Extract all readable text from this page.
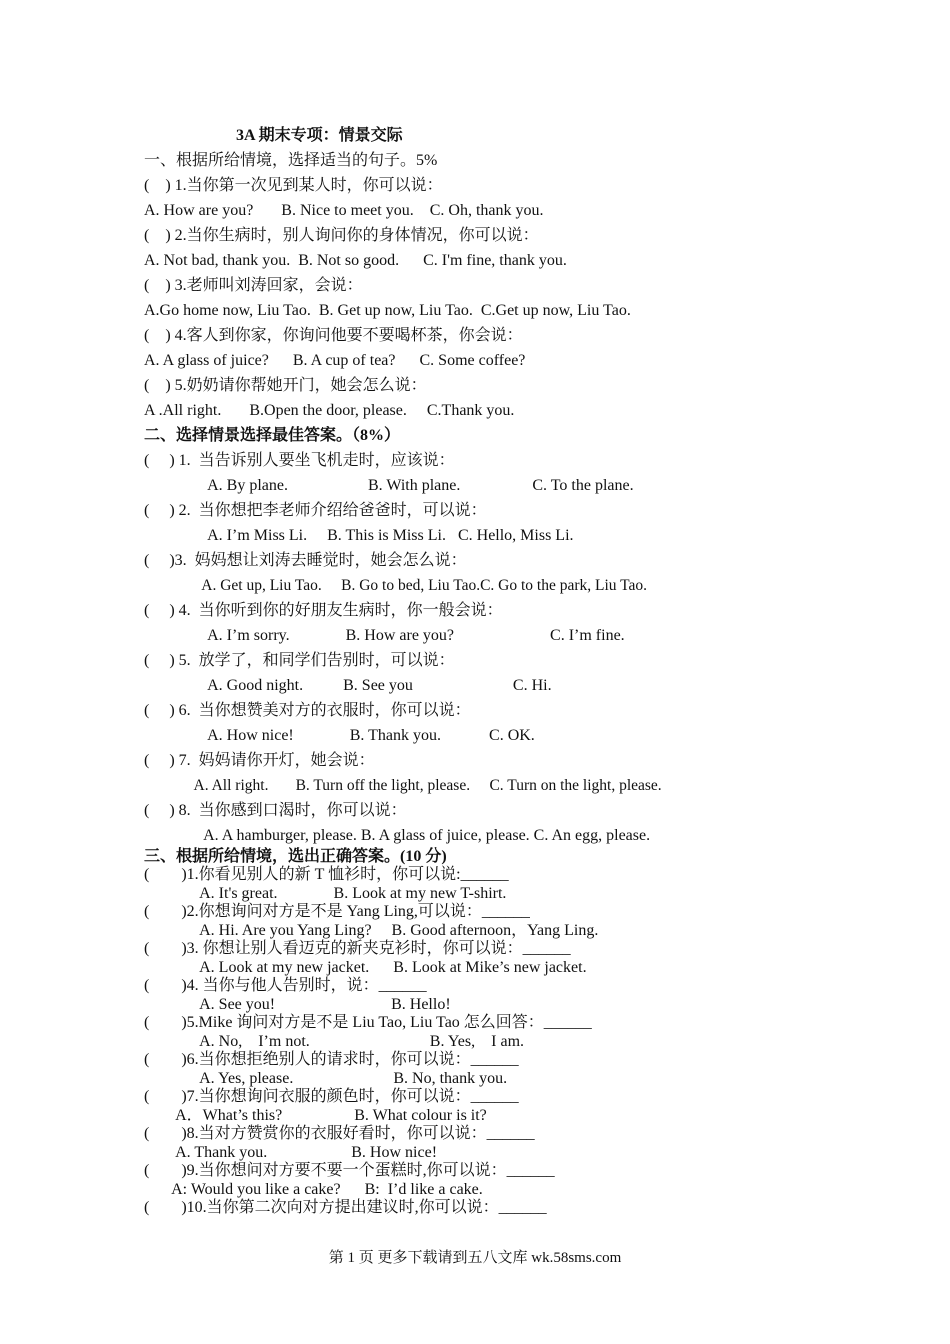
3A 期末专项：情景交际
一、根据所给情境，选择适当的句子。5%
(    ) 1.当你第一次见到某人时，你可以说：
A. How are you?       B. Nice to meet you.    C. Oh, thank you.
(    ) 2.当你生病时，别人询问你的身体情况，你可以说：
A. Not bad, thank you.  B. Not so good.      C. I'm fine, thank you.
(    ) 3.老师叫刘涛回家，会说：
A.Go home now, Liu Tao.  B. Get up now, Liu Tao.  C.Get up now, Liu Tao.
(    ) 4.客人到你家，你询问他要不要喝杯茶，你会说：
A. A glass of juice?      B. A cup of tea?      C. Some coffee?
(    ) 5.奶奶请你帮她开门，她会怎么说：
A .All right.       B.Open the door, please.     C.Thank you.
二、选择情景选择最佳答案。（8%）
(     ) 1.  当告诉别人要坐飞机走时，应该说：
A. By plane.                    B. With plane.                  C. To the plane.
(     ) 2.  当你想把李老师介绍给爸爸时，可以说：
A. I’m Miss Li.     B. This is Miss Li.   C. Hello, Miss Li.
(     )3.  妈妈想让刘涛去睡觉时，她会怎么说：
A. Get up, Liu Tao.     B. Go to bed, Liu Tao.C. Go to the park, Liu Tao.
(     ) 4.  当你听到你的好朋友生病时，你一般会说：
A. I’m sorry.              B. How are you?                        C. I’m fine.
(     ) 5.  放学了，和同学们告别时，可以说：
A. Good night.          B. See you                         C. Hi.
(     ) 6.  当你想赞美对方的衣服时，你可以说：
A. How nice!              B. Thank you.            C. OK.
(     ) 7.  妈妈请你开灯，她会说：
A. All right.       B. Turn off the light, please.     C. Turn on the light, please.
(     ) 8.  当你感到口渴时，你可以说：
A. A hamburger, please. B. A glass of juice, please. C. An egg, please.
三、根据所给情境，选出正确答案。(10 分)
(        )1.你看见别人的新 T 恤衫时，你可以说:______
A. It's great.              B. Look at my new T-shirt.
(        )2.你想询问对方是不是 Yang Ling,可以说：______
A. Hi. Are you Yang Ling?     B. Good afternoon，Yang Ling.
(        )3. 你想让别人看迈克的新夹克衫时，你可以说：______
A. Look at my new jacket.      B. Look at Mike’s new jacket.
(        )4. 当你与他人告别时，说：______
A. See you!                             B. Hello!
(        )5.Mike 询问对方是不是 Liu Tao, Liu Tao 怎么回答：______
A. No,    I’m not.                              B. Yes,    I am.
(        )6.当你想拒绝别人的请求时，你可以说：______
A. Yes, please.                         B. No, thank you.
(        )7.当你想询问衣服的颜色时，你可以说：______
A．What’s this?                  B. What colour is it?
(        )8.当对方赞赏你的衣服好看时，你可以说：______
A. Thank you.                     B. How nice!
(        )9.当你想问对方要不要一个蛋糕时,你可以说：______
A: Would you like a cake?      B:  I’d like a cake.
(        )10.当你第二次向对方提出建议时,你可以说：______
第 1 页 更多下载请到五八文库 wk.58sms.com
